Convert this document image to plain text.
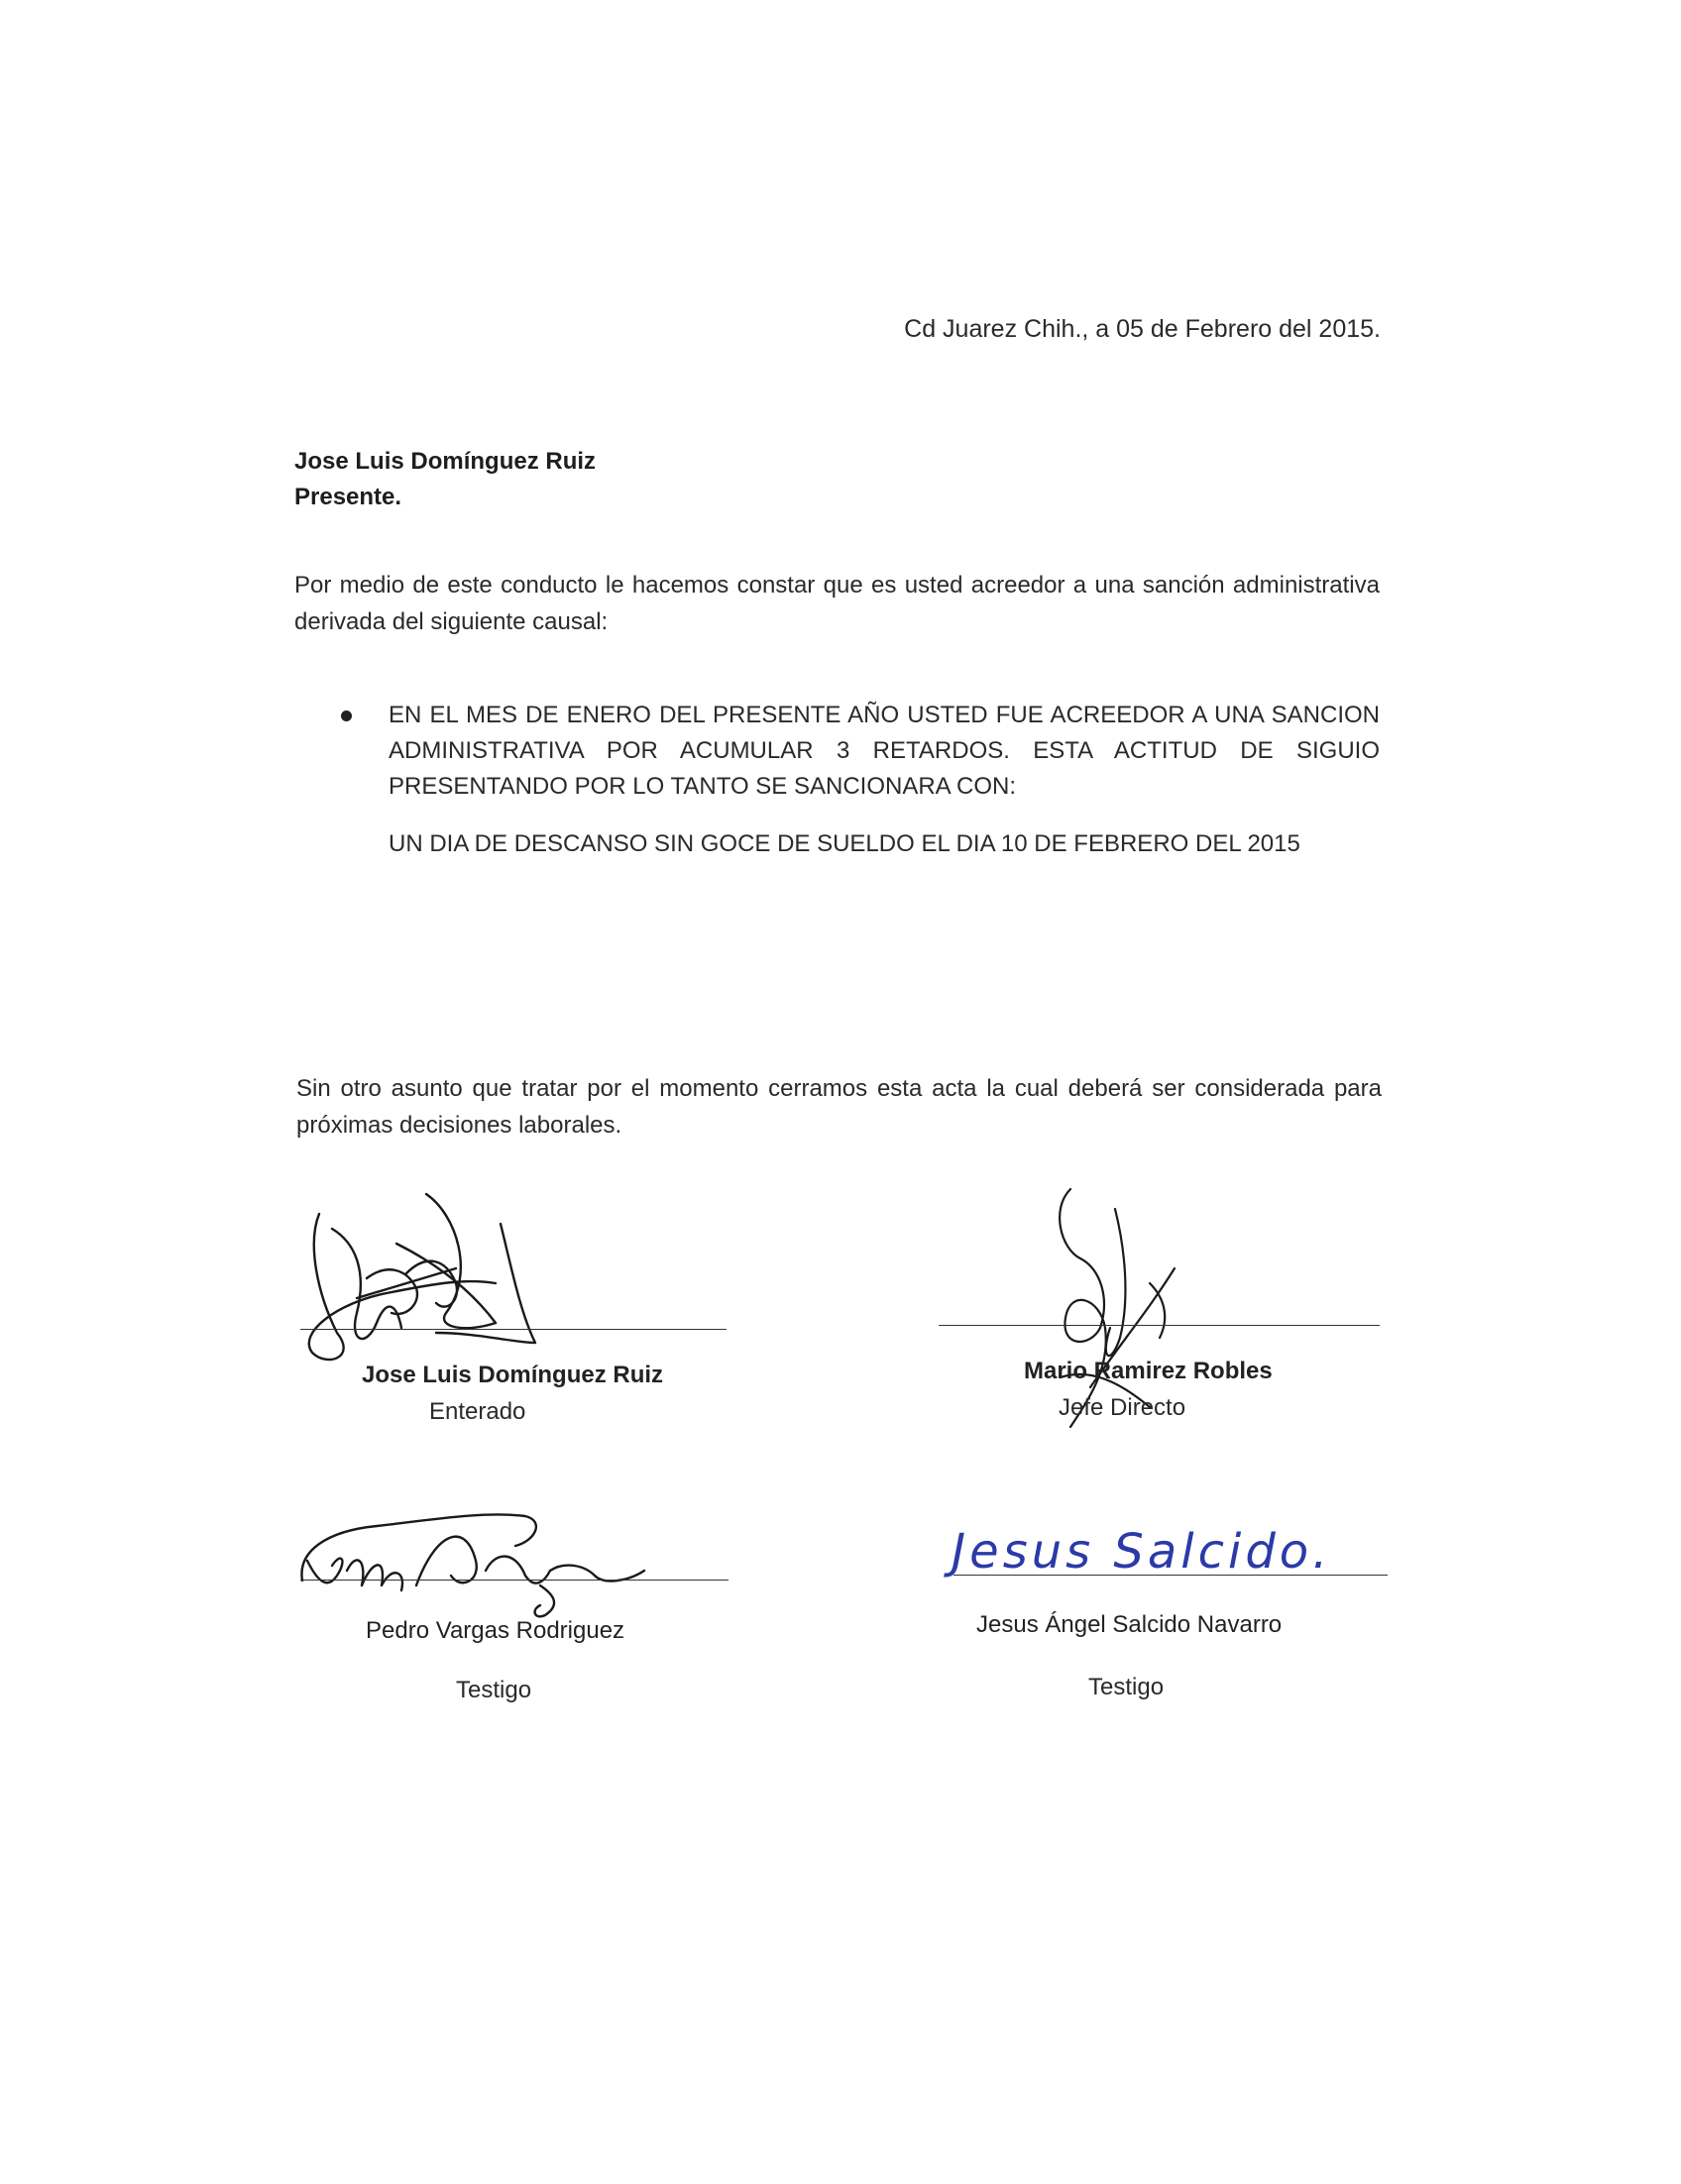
Cd Juarez Chih., a 05 de Febrero del 2015.
Jose Luis Domínguez Ruiz
Presente.
Por medio de este conducto le hacemos constar que es usted acreedor a una sanción administrativa derivada del siguiente causal:
EN EL MES DE ENERO DEL PRESENTE AÑO USTED FUE ACREEDOR A UNA SANCION ADMINISTRATIVA POR ACUMULAR 3 RETARDOS. ESTA ACTITUD DE SIGUIO PRESENTANDO POR LO TANTO SE SANCIONARA CON:
UN DIA DE DESCANSO SIN GOCE DE SUELDO EL DIA 10 DE FEBRERO DEL 2015
Sin otro asunto que tratar por el momento cerramos esta acta la cual deberá ser considerada para próximas decisiones laborales.
Jose Luis Domínguez Ruiz
Enterado
Mario Ramirez Robles
Jefe Directo
Pedro Vargas Rodriguez
Testigo
Jesus Salcido.
Jesus Ángel Salcido Navarro
Testigo
